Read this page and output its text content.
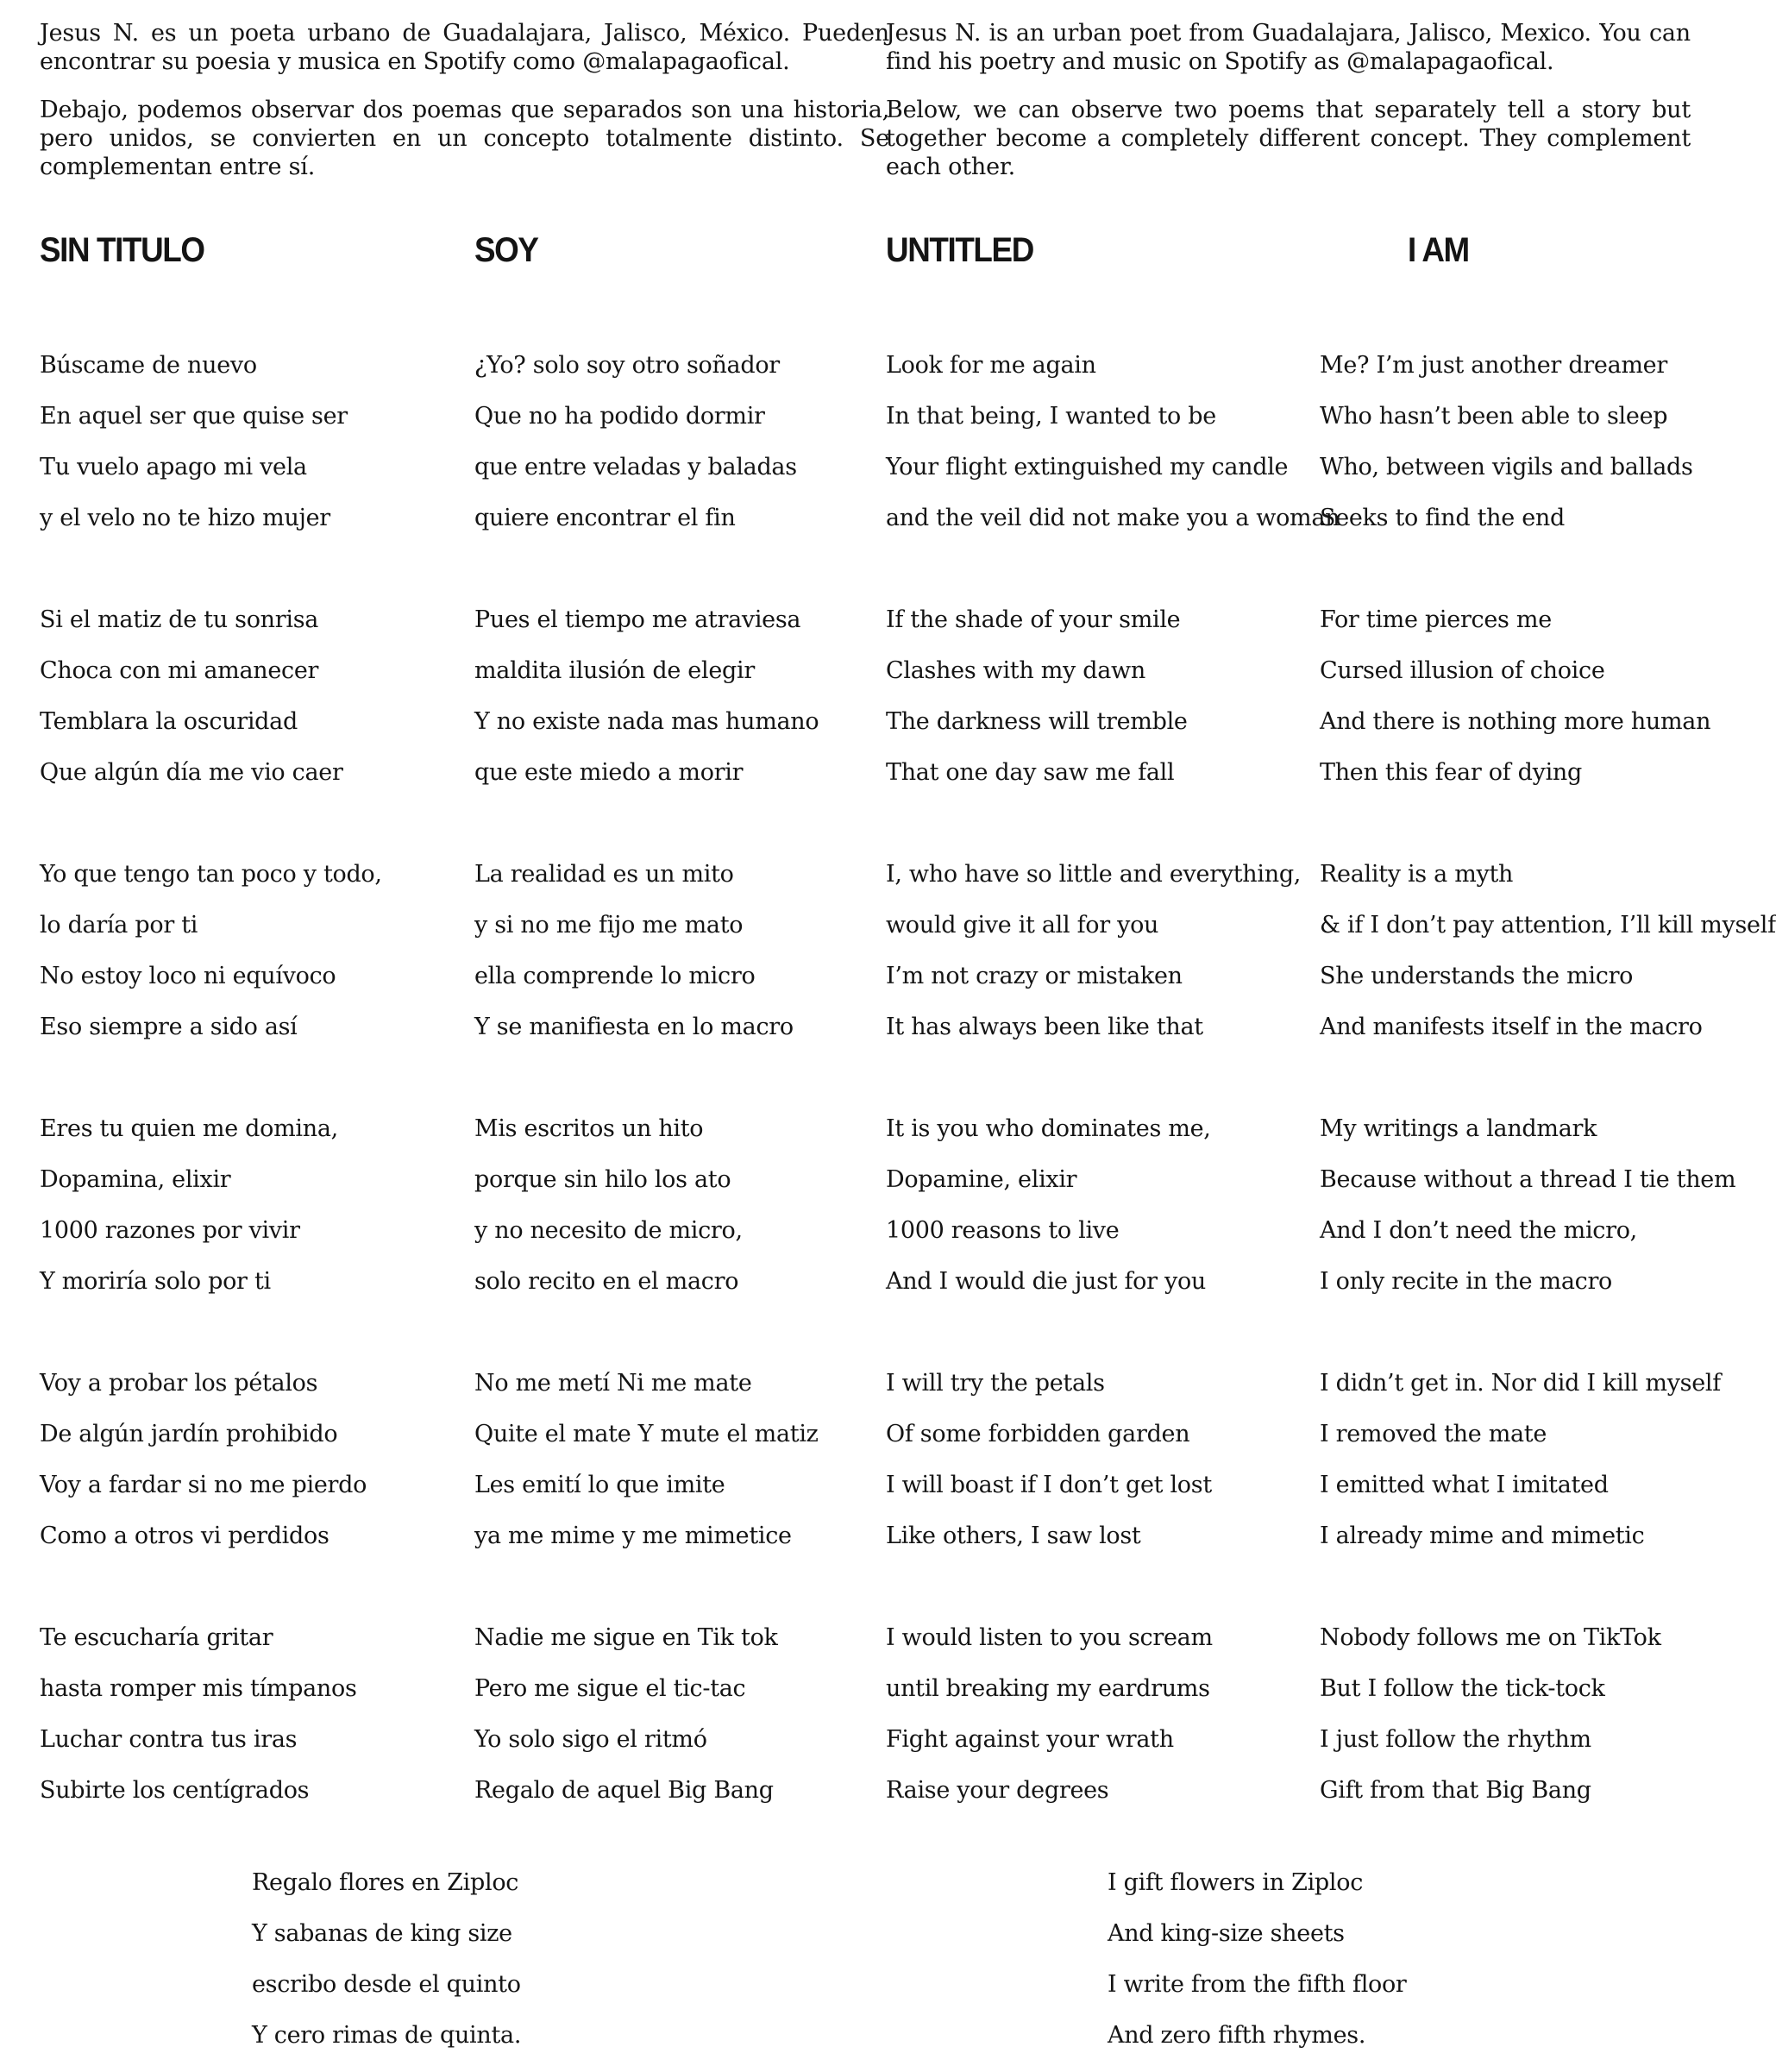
Jesus N. es un poeta urbano de Guadalajara, Jalisco, México. Pueden encontrar su poesia y musica en Spotify como @malapagaofical.

Debajo, podemos observar dos poemas que separados son una historia, pero unidos, se convierten en un concepto totalmente distinto. Se complementan entre sí.

Jesus N. is an urban poet from Guadalajara, Jalisco, Mexico. You can find his poetry and music on Spotify as @malapagaofical.

Below, we can observe two poems that separately tell a story but together become a completely different concept. They complement each other.

SIN TITULO	SOY	UNTITLED	I AM
Búscame de nuevo
En aquel ser que quise ser
Tu vuelo apago mi vela
y el velo no te hizo mujer
Si el matiz de tu sonrisa
Choca con mi amanecer
Temblara la oscuridad
Que algún día me vio caer
Yo que tengo tan poco y todo,
lo daría por ti
No estoy loco ni equívoco
Eso siempre a sido así
Eres tu quien me domina,
Dopamina, elixir
1000 razones por vivir
Y moriría solo por ti
Voy a probar los pétalos
De algún jardín prohibido
Voy a fardar si no me pierdo
Como a otros vi perdidos
Te escucharía gritar
hasta romper mis tímpanos
Luchar contra tus iras
Subirte los centígrados
¿Yo? solo soy otro soñador
Que no ha podido dormir
que entre veladas y baladas
quiere encontrar el fin
Pues el tiempo me atraviesa
maldita ilusión de elegir
Y no existe nada mas humano
que este miedo a morir
La realidad es un mito
y si no me fijo me mato
ella comprende lo micro
Y se manifiesta en lo macro
Mis escritos un hito
porque sin hilo los ato
y no necesito de micro,
solo recito en el macro
No me metí Ni me mate
Quite el mate Y mute el matiz
Les emití lo que imite
ya me mime y me mimetice
Nadie me sigue en Tik tok
Pero me sigue el tic-tac
Yo solo sigo el ritmó
Regalo de aquel Big Bang
Look for me again
In that being, I wanted to be
Your flight extinguished my candle
and the veil did not make you a woman
If the shade of your smile
Clashes with my dawn
The darkness will tremble
That one day saw me fall
I, who have so little and everything,
would give it all for you
I’m not crazy or mistaken
It has always been like that
It is you who dominates me,
Dopamine, elixir
1000 reasons to live
And I would die just for you
I will try the petals
Of some forbidden garden
I will boast if I don’t get lost
Like others, I saw lost
I would listen to you scream
until breaking my eardrums
Fight against your wrath
Raise your degrees
Me? I’m just another dreamer
Who hasn’t been able to sleep
Who, between vigils and ballads
Seeks to find the end
For time pierces me
Cursed illusion of choice
And there is nothing more human
Then this fear of dying
Reality is a myth
& if I don’t pay attention, I’ll kill myself
She understands the micro
And manifests itself in the macro
My writings a landmark
Because without a thread I tie them
And I don’t need the micro,
I only recite in the macro
I didn’t get in. Nor did I kill myself
I removed the mate
I emitted what I imitated
I already mime and mimetic
Nobody follows me on TikTok
But I follow the tick-tock
I just follow the rhythm
Gift from that Big Bang
Regalo flores en Ziploc
Y sabanas de king size
escribo desde el quinto
Y cero rimas de quinta.
I gift flowers in Ziploc
And king-size sheets
I write from the fifth floor
And zero fifth rhymes.
